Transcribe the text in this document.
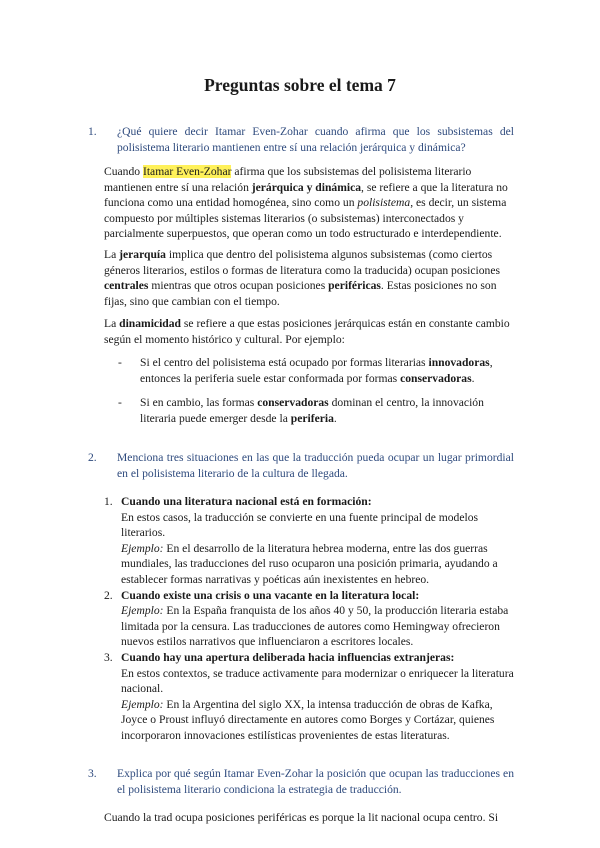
Preguntas sobre el tema 7
1.	¿Qué quiere decir Itamar Even-Zohar cuando afirma que los subsistemas del polisistema literario mantienen entre sí una relación jerárquica y dinámica?

Cuando Itamar Even-Zohar afirma que los subsistemas del polisistema literario mantienen entre sí una relación jerárquica y dinámica, se refiere a que la literatura no funciona como una entidad homogénea, sino como un polisistema, es decir, un sistema compuesto por múltiples sistemas literarios (o subsistemas) interconectados y parcialmente superpuestos, que operan como un todo estructurado e interdependiente.

La jerarquía implica que dentro del polisistema algunos subsistemas (como ciertos géneros literarios, estilos o formas de literatura como la traducida) ocupan posiciones centrales mientras que otros ocupan posiciones periféricas. Estas posiciones no son fijas, sino que cambian con el tiempo.

La dinamicidad se refiere a que estas posiciones jerárquicas están en constante cambio según el momento histórico y cultural. Por ejemplo:

- Si el centro del polisistema está ocupado por formas literarias innovadoras, entonces la periferia suele estar conformada por formas conservadoras.
- Si en cambio, las formas conservadoras dominan el centro, la innovación literaria puede emerger desde la periferia.
2.	Menciona tres situaciones en las que la traducción pueda ocupar un lugar primordial en el polisistema literario de la cultura de llegada.
1. Cuando una literatura nacional está en formación:
En estos casos, la traducción se convierte en una fuente principal de modelos literarios.
Ejemplo: En el desarrollo de la literatura hebrea moderna, entre las dos guerras mundiales, las traducciones del ruso ocuparon una posición primaria, ayudando a establecer formas narrativas y poéticas aún inexistentes en hebreo.
2. Cuando existe una crisis o una vacante en la literatura local:
Ejemplo: En la España franquista de los años 40 y 50, la producción literaria estaba limitada por la censura. Las traducciones de autores como Hemingway ofrecieron nuevos estilos narrativos que influenciaron a escritores locales.
3. Cuando hay una apertura deliberada hacia influencias extranjeras:
En estos contextos, se traduce activamente para modernizar o enriquecer la literatura nacional.
Ejemplo: En la Argentina del siglo XX, la intensa traducción de obras de Kafka, Joyce o Proust influyó directamente en autores como Borges y Cortázar, quienes incorporaron innovaciones estilísticas provenientes de estas literaturas.
3.	Explica por qué según Itamar Even-Zohar la posición que ocupan las traducciones en el polisistema literario condiciona la estrategia de traducción.

Cuando la trad ocupa posiciones periféricas es porque la lit nacional ocupa centro. Si
